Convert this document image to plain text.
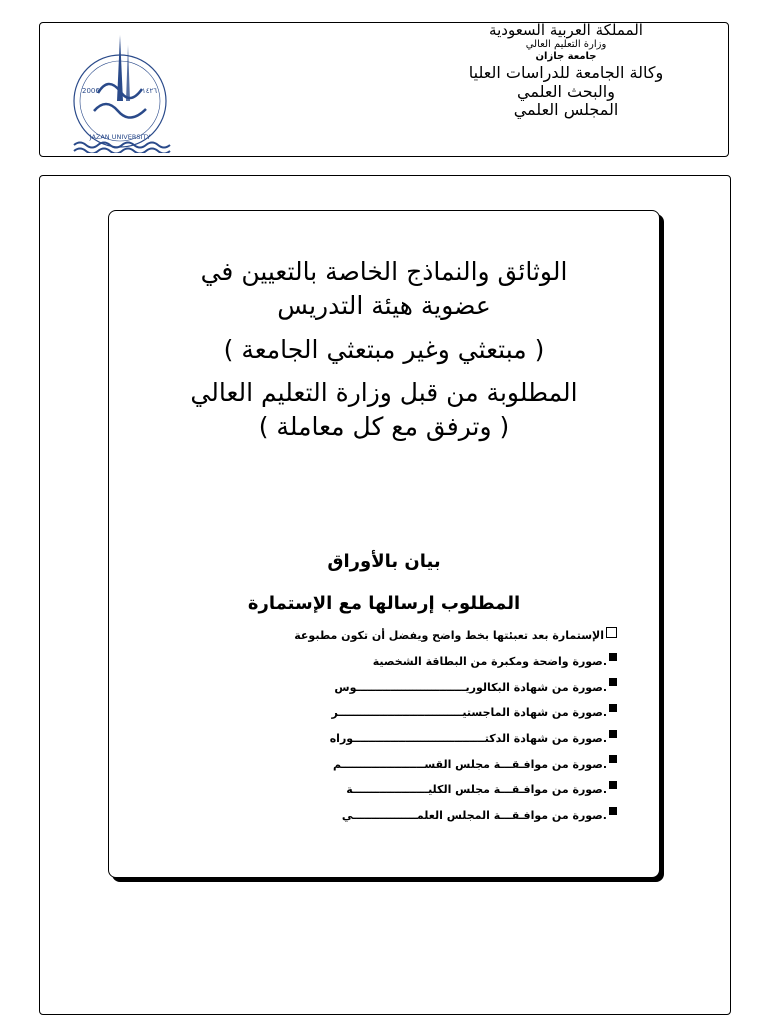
2006	١٤٢٦
JAZAN UNIVERSITY
المملكة العربية السعودية
وزارة التعليم العالي
جامعة جازان
وكالة الجامعة للدراسات العليا
والبحث العلمي
المجلس العلمي
الوثائق والنماذج الخاصة بالتعيين في
عضوية هيئة التدريس
( مبتعثي وغير مبتعثي الجامعة )
المطلوبة من قبل وزارة التعليم العالي
( وترفق مع كل معاملة )
بيان بالأوراق
المطلوب إرسالها مع الإستمارة
الإستمارة بعد تعبئتها بخط واضح ويفضل أن تكون مطبوعة
.صورة واضحة ومكبرة من البطاقة الشخصية
.صورة من شهادة البكالوريـــــــــــــــــــــــــــــوس
.صورة من شهادة الماجستيـــــــــــــــــــــــــــــــــر
.صورة من شهادة الدكتـــــــــــــــــــــــــــــــــــوراه
.صورة من موافـقـــة مجلس القســــــــــــــــــــــم
.صورة من موافـقـــة مجلس الكليــــــــــــــــــــة
.صورة من موافـقـــة المجلس العلمـــــــــــــــــي
